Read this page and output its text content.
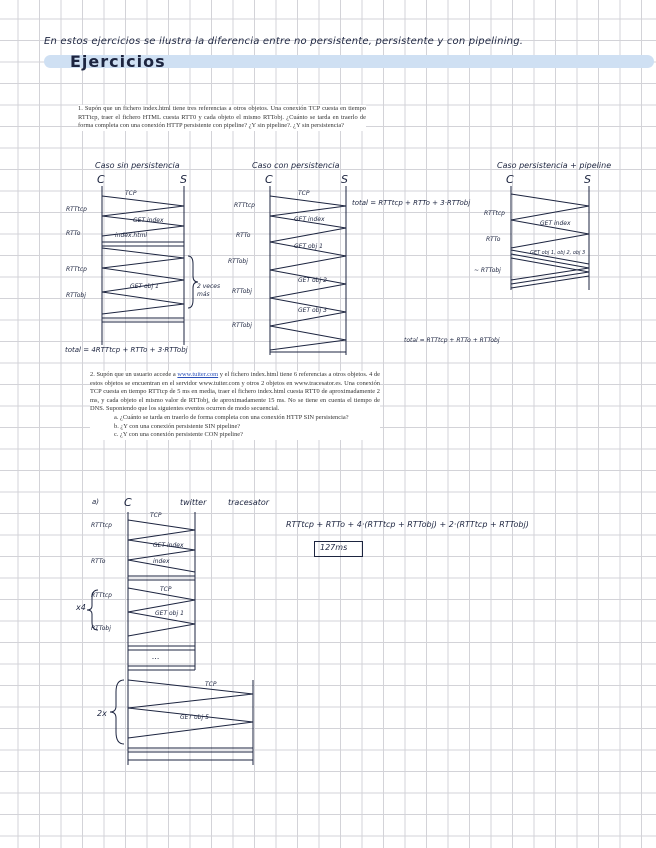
En estos ejercicios se ilustra la diferencia entre no persistente, persistente y con pipelining.
Ejercicios
1. Supón que un fichero index.html tiene tres referencias a otros objetos. Una conexión TCP cuesta en tiempo RTTtcp, traer el fichero HTML cuesta RTT0 y cada objeto el mismo RTTobj. ¿Cuánto se tarda en traerlo de forma completa con una conexión HTTP persistente con pipeline? ¿Y sin pipeline?. ¿Y sin persistencia?
Caso sin persistencia
C	S
RTTtcp
RTTo
RTTtcp
RTTobj
TCP
GET index
index.html
GET obj 1	2 veces más
total = 4RTTtcp + RTTo + 3·RTTobj
Caso con persistencia
C	S
RTTtcp
RTTo
RTTobj
RTTobj
RTTobj
TCP
GET index
GET obj 1
GET obj 2
GET obj 3
total = RTTtcp + RTTo + 3·RTTobj
Caso persistencia + pipeline
C	S
RTTtcp
RTTo
~ RTTobj
GET index
GET obj 1, obj 2, obj 3
total = RTTtcp + RTTo + RTTobj
2. Supón que un usuario accede a www.tuiter.com y el fichero index.html tiene 6 referencias a otros objetos. 4 de estos objetos se encuentran en el servidor www.tuiter.com y otros 2 objetos en www.tracesator.es. Una conexión TCP cuesta en tiempo RTTtcp de 5 ms en media, traer el fichero index.html cuesta RTT0 de aproximadamente 2 ms, y cada objeto el mismo valor de RTTobj, de aproximadamente 15 ms. No se tiene en cuenta el tiempo de DNS. Suponiendo que los siguientes eventos ocurren de modo secuencial.
a. ¿Cuánto se tarda en traerlo de forma completa con una conexión HTTP SIN persistencia?
b. ¿Y con una conexión persistente SIN pipeline?
c. ¿Y con una conexión persistente CON pipeline?
a) C	twitter	tracesator
RTTtcp
RTTo
RTTtcp
RTTobj
TCP
GET index
index
TCP
GET obj 1
TCP
GET obj 5
x4
2x
...
RTTtcp + RTTo + 4·(RTTtcp + RTTobj) + 2·(RTTtcp + RTTobj)
127ms
